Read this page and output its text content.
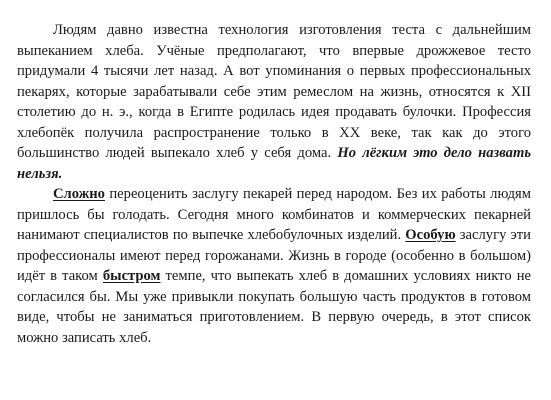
Людям давно известна технология изготовления теста с дальнейшим выпеканием хлеба. Учёные предполагают, что впервые дрожжевое тесто придумали 4 тысячи лет назад. А вот упоминания о первых профессиональных пекарях, которые зарабатывали себе этим ремеслом на жизнь, относятся к XII столетию до н. э., когда в Египте родилась идея продавать булочки. Профессия хлебопёк получила распространение только в XX веке, так как до этого большинство людей выпекало хлеб у себя дома. Но лёгким это дело назвать нельзя.

Сложно переоценить заслугу пекарей перед народом. Без их работы людям пришлось бы голодать. Сегодня много комбинатов и коммерческих пекарней нанимают специалистов по выпечке хлебобулочных изделий. Особую заслугу эти профессионалы имеют перед горожанами. Жизнь в городе (особенно в большом) идёт в таком быстром темпе, что выпекать хлеб в домашних условиях никто не согласился бы. Мы уже привыкли покупать большую часть продуктов в готовом виде, чтобы не заниматься приготовлением. В первую очередь, в этот список можно записать хлеб.
